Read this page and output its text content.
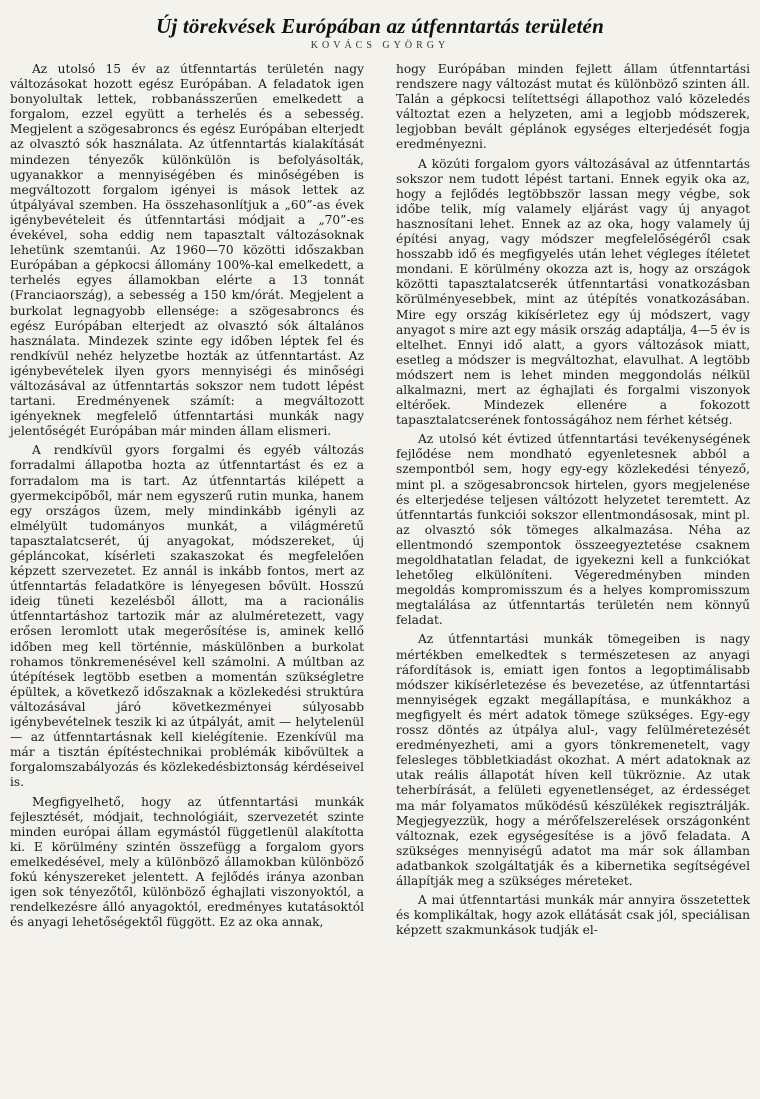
Új törekvések Európában az útfenntartás területén
KOVÁCS GYÖRGY

Az utolsó 15 év az útfenntartás területén nagy változásokat hozott egész Európában. A feladatok igen bonyolultak lettek, robbanásszerűen emelkedett a forgalom, ezzel együtt a terhelés és a sebesség. Megjelent a szögesabroncs és egész Európában elterjedt az olvasztó sók használata. Az útfenntartás kialakítását mindezen tényezők különkülön is befolyásolták, ugyanakkor a mennyiségében és minőségében is megváltozott forgalom igényei is mások lettek az útpályával szemben. Ha összehasonlítjuk a „60”-as évek igénybevételeit és útfenntartási módjait a „70”-es évekével, soha eddig nem tapasztalt változásoknak lehetünk szemtanúi. Az 1960—70 közötti időszakban Európában a gépkocsi állomány 100%-kal emelkedett, a terhelés egyes államokban elérte a 13 tonnát (Franciaország), a sebesség a 150 km/órát. Megjelent a burkolat legnagyobb ellensége: a szögesabroncs és egész Európában elterjedt az olvasztó sók általános használata. Mindezek szinte egy időben léptek fel és rendkívül nehéz helyzetbe hozták az útfenntartást. Az igénybevételek ilyen gyors mennyiségi és minőségi változásával az útfenntartás sokszor nem tudott lépést tartani. Eredményenek számít: a megváltozott igényeknek megfelelő útfenntartási munkák nagy jelentőségét Európában már minden állam elismeri.

A rendkívül gyors forgalmi és egyéb változás forradalmi állapotba hozta az útfenntartást és ez a forradalom ma is tart. Az útfenntartás kilépett a gyermekcipőből, már nem egyszerű rutin munka, hanem egy országos üzem, mely mindinkább igényli az elmélyült tudományos munkát, a világméretű tapasztalatcserét, új anyagokat, módszereket, új gépláncokat, kísérleti szakaszokat és megfelelően képzett szervezetet. Ez annál is inkább fontos, mert az útfenntartás feladatköre is lényegesen bővült. Hosszú ideig tüneti kezelésből állott, ma a racionális útfenntartáshoz tartozik már az alulméretezett, vagy erősen leromlott utak megerősítése is, aminek kellő időben meg kell történnie, máskülönben a burkolat rohamos tönkremenésével kell számolni. A múltban az útépítések legtöbb esetben a momentán szükségletre épültek, a következő időszaknak a közlekedési struktúra változásával járó következményei súlyosabb igénybevételnek teszik ki az útpályát, amit — helytelenül — az útfenntartásnak kell kielégítenie. Ezenkívül ma már a tisztán építéstechnikai problémák kibővültek a forgalomszabályozás és közlekedésbiztonság kérdéseivel is.

Megfigyelhető, hogy az útfenntartási munkák fejlesztését, módjait, technológiáit, szervezetét szinte minden európai állam egymástól függetlenül alakította ki. E körülmény szintén összefügg a forgalom gyors emelkedésével, mely a különböző államokban különböző fokú kényszereket jelentett. A fejlődés iránya azonban igen sok tényezőtől, különböző éghajlati viszonyoktól, a rendelkezésre álló anyagoktól, eredményes kutatásoktól és anyagi lehetőségektől függött. Ez az oka annak,

hogy Európában minden fejlett állam útfenntartási rendszere nagy változást mutat és különböző szinten áll. Talán a gépkocsi telítettségi állapothoz való közeledés változtat ezen a helyzeten, ami a legjobb módszerek, legjobban bevált géplánok egységes elterjedését fogja eredményezni.

A közúti forgalom gyors változásával az útfenntartás sokszor nem tudott lépést tartani. Ennek egyik oka az, hogy a fejlődés legtöbbször lassan megy végbe, sok időbe telik, míg valamely eljárást vagy új anyagot hasznosítani lehet. Ennek az az oka, hogy valamely új építési anyag, vagy módszer megfelelőségéről csak hosszabb idő és megfigyelés után lehet végleges ítéletet mondani. E körülmény okozza azt is, hogy az országok közötti tapasztalatcserék útfenntartási vonatkozásban körülményesebbek, mint az útépítés vonatkozásában. Mire egy ország kikísérletez egy új módszert, vagy anyagot s mire azt egy másik ország adaptálja, 4—5 év is eltelhet. Ennyi idő alatt, a gyors változások miatt, esetleg a módszer is megváltozhat, elavulhat. A legtöbb módszert nem is lehet minden meggondolás nélkül alkalmazni, mert az éghajlati és forgalmi viszonyok eltérőek. Mindezek ellenére a fokozott tapasztalatcserének fontosságához nem férhet kétség.

Az utolsó két évtized útfenntartási tevékenységének fejlődése nem mondható egyenletesnek abból a szempontból sem, hogy egy-egy közlekedési tényező, mint pl. a szögesabroncsok hirtelen, gyors megjelenése és elterjedése teljesen váltózott helyzetet teremtett. Az útfenntartás funkciói sokszor ellentmondásosak, mint pl. az olvasztó sók tömeges alkalmazása. Néha az ellentmondó szempontok összeegyeztetése csaknem megoldhatatlan feladat, de igyekezni kell a funkciókat lehetőleg elkülöníteni. Végeredményben minden megoldás kompromisszum és a helyes kompromisszum megtalálása az útfenntartás területén nem könnyű feladat.

Az útfenntartási munkák tömegeiben is nagy mértékben emelkedtek s természetesen az anyagi ráfordítások is, emiatt igen fontos a legoptimálisabb módszer kikísérletezése és bevezetése, az útfenntartási mennyiségek egzakt megállapítása, e munkákhoz a megfigyelt és mért adatok tömege szükséges. Egy-egy rossz döntés az útpálya alul-, vagy felülméretezését eredményezheti, ami a gyors tönkremenetelt, vagy felesleges többletkiadást okozhat. A mért adatoknak az utak reális állapotát híven kell tükröznie. Az utak teherbírását, a felületi egyenetlenséget, az érdességet ma már folyamatos működésű készülékek regisztrálják. Megjegyezzük, hogy a mérőfelszerelések országonként változnak, ezek egységesítése is a jövő feladata. A szükséges mennyiségű adatot ma már sok államban adatbankok szolgáltatják és a kibernetika segítségével állapítják meg a szükséges méreteket.

A mai útfenntartási munkák már annyira összetettek és komplikáltak, hogy azok ellátását csak jól, speciálisan képzett szakmunkások tudják el-
